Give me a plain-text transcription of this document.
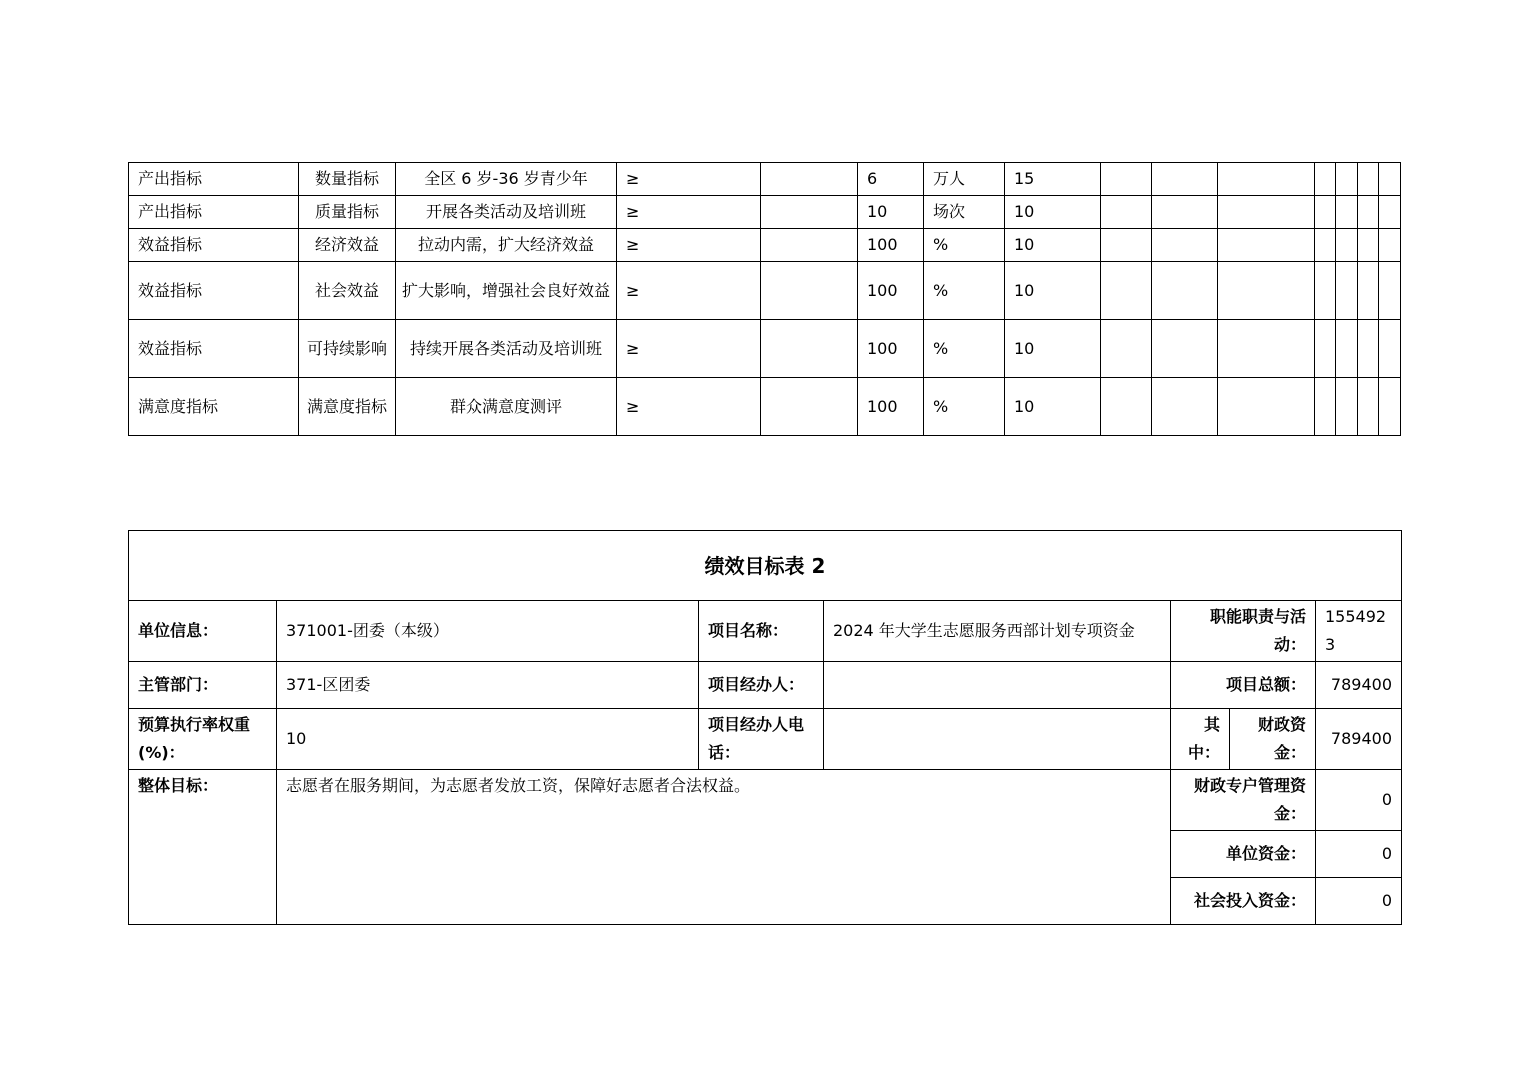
产出指标	数量指标	全区 6 岁-36 岁青少年	≥		6	万人	15							
产出指标	质量指标	开展各类活动及培训班	≥		10	场次	10							
效益指标	经济效益	拉动内需，扩大经济效益	≥		100	%	10							
效益指标	社会效益	扩大影响，增强社会良好效益	≥		100	%	10							
效益指标	可持续影响	持续开展各类活动及培训班	≥		100	%	10							
满意度指标	满意度指标	群众满意度测评	≥		100	%	10							
绩效目标表 2						
单位信息：	371001-团委（本级）	项目名称：	2024 年大学生志愿服务西部计划专项资金	职能职责与活动：		1554923
主管部门：	371-区团委	项目经办人：		项目总额：		789400
预算执行率权重(%)：	10	项目经办人电话：		其中：	财政资金：	789400
整体目标：	志愿者在服务期间，为志愿者发放工资，保障好志愿者合法权益。			财政专户管理资金：		0
				单位资金：		0
				社会投入资金：		0
